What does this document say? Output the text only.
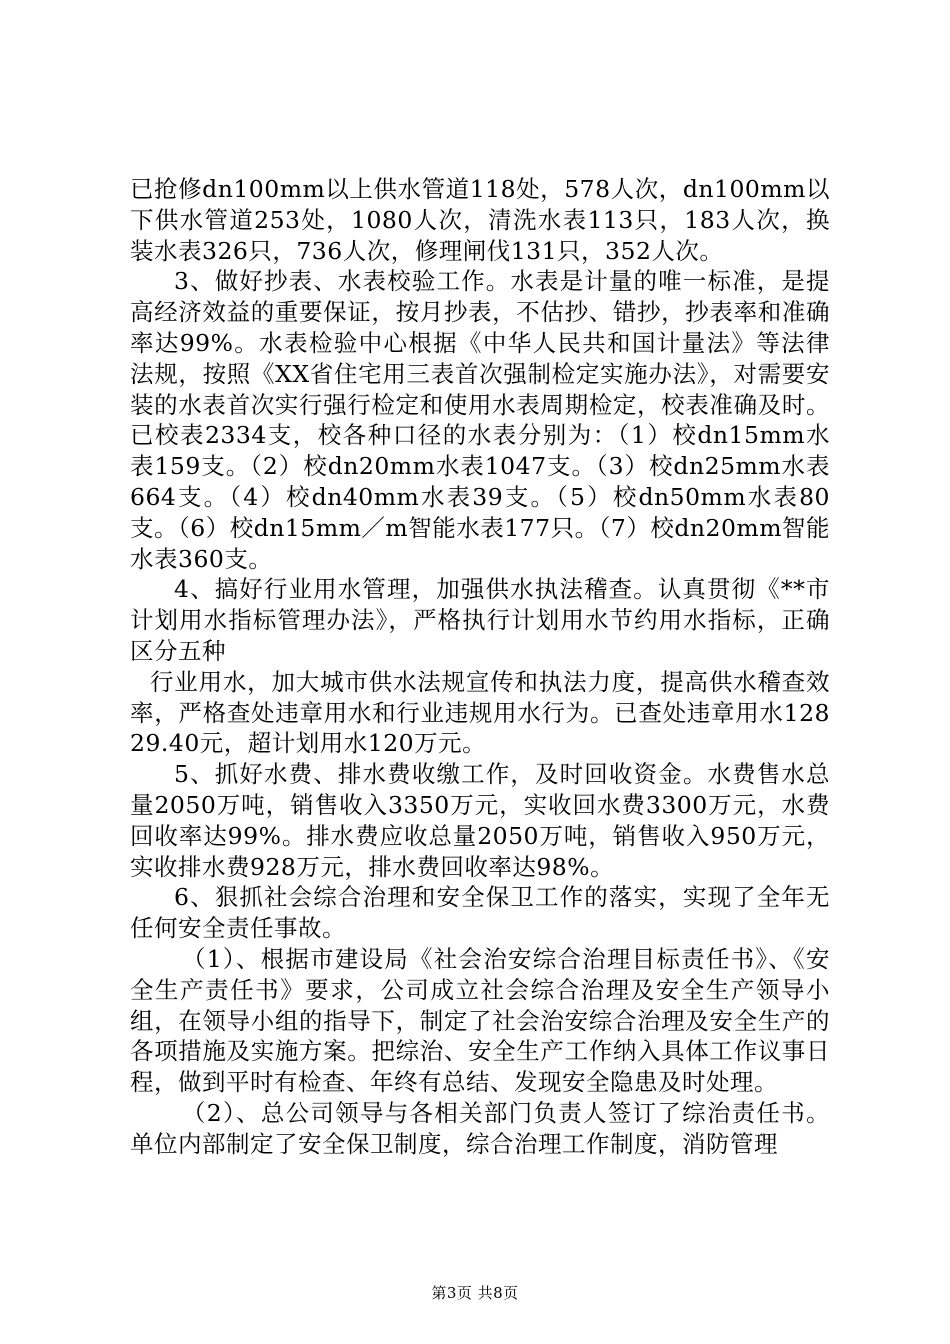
已抢修dn100mm以上供水管道118处，578人次，dn100mm以下供水管道253处，1080人次，清洗水表113只，183人次，换装水表326只，736人次，修理闸伐131只，352人次。

3、做好抄表、水表校验工作。水表是计量的唯一标准，是提高经济效益的重要保证，按月抄表，不估抄、错抄，抄表率和准确率达99%。水表检验中心根据《中华人民共和国计量法》等法律法规，按照《XX省住宅用三表首次强制检定实施办法》，对需要安装的水表首次实行强行检定和使用水表周期检定，校表准确及时。已校表2334支，校各种口径的水表分别为：（1）校dn15mm水表159支。（2）校dn20mm水表1047支。（3）校dn25mm水表664支。（4）校dn40mm水表39支。（5）校dn50mm水表80支。（6）校dn15mm／m智能水表177只。（7）校dn20mm智能水表360支。

4、搞好行业用水管理，加强供水执法稽查。认真贯彻《**市计划用水指标管理办法》，严格执行计划用水节约用水指标，正确区分五种

行业用水，加大城市供水法规宣传和执法力度，提高供水稽查效率，严格查处违章用水和行业违规用水行为。已查处违章用水12829.40元，超计划用水120万元。

5、抓好水费、排水费收缴工作，及时回收资金。水费售水总量2050万吨，销售收入3350万元，实收回水费3300万元，水费回收率达99%。排水费应收总量2050万吨，销售收入950万元，实收排水费928万元，排水费回收率达98%。

6、狠抓社会综合治理和安全保卫工作的落实，实现了全年无任何安全责任事故。

（1）、根据市建设局《社会治安综合治理目标责任书》、《安全生产责任书》要求，公司成立社会综合治理及安全生产领导小组，在领导小组的指导下，制定了社会治安综合治理及安全生产的各项措施及实施方案。把综治、安全生产工作纳入具体工作议事日程，做到平时有检查、年终有总结、发现安全隐患及时处理。

（2）、总公司领导与各相关部门负责人签订了综治责任书。单位内部制定了安全保卫制度，综合治理工作制度，消防管理

第3页 共8页
